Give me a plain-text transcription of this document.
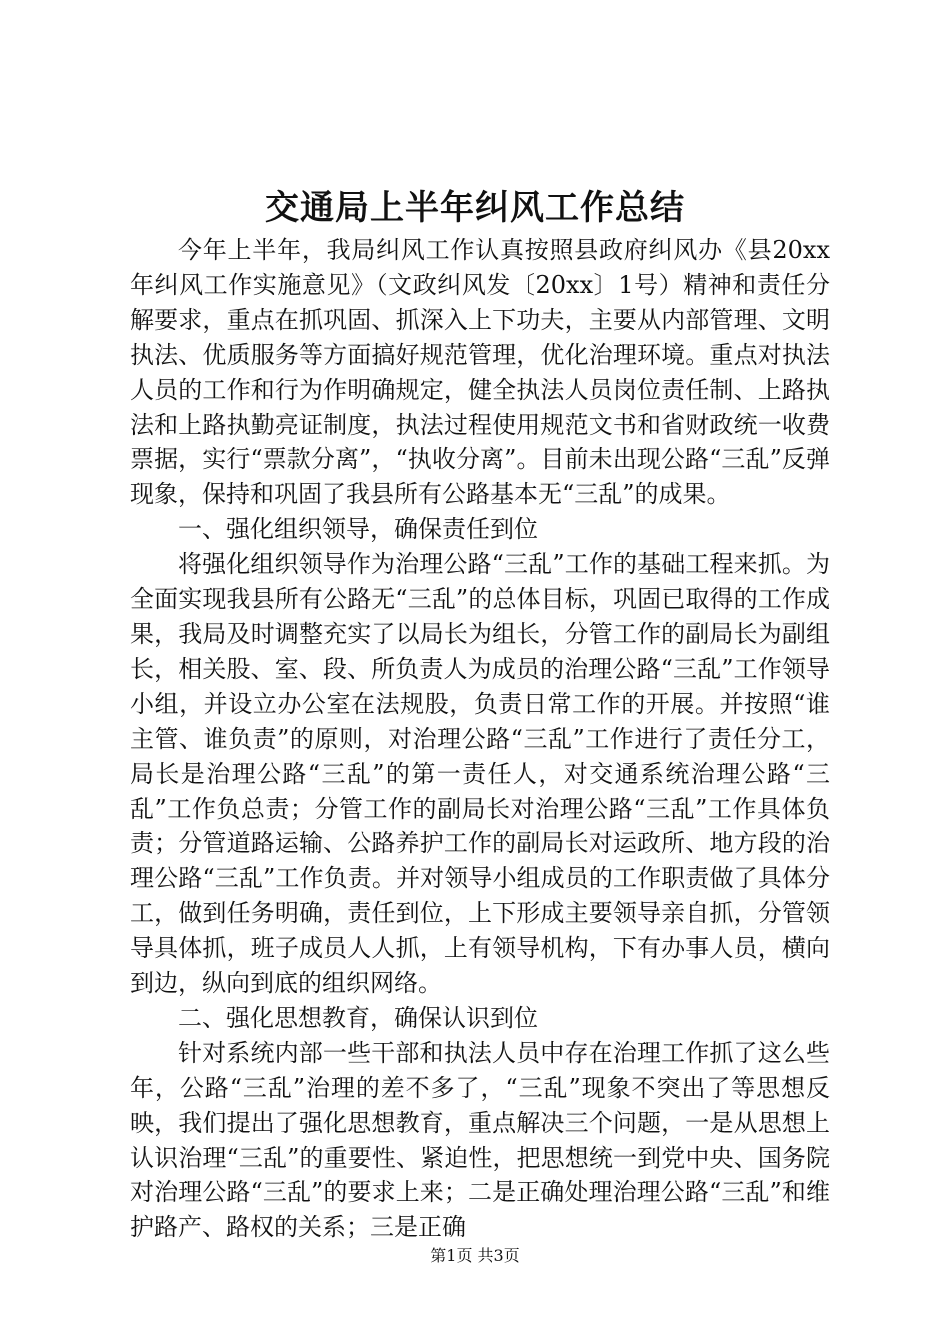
交通局上半年纠风工作总结

今年上半年，我局纠风工作认真按照县政府纠风办《县20xx年纠风工作实施意见》（文政纠风发〔20xx〕1号）精神和责任分解要求，重点在抓巩固、抓深入上下功夫，主要从内部管理、文明执法、优质服务等方面搞好规范管理，优化治理环境。重点对执法人员的工作和行为作明确规定，健全执法人员岗位责任制、上路执法和上路执勤亮证制度，执法过程使用规范文书和省财政统一收费票据，实行“票款分离”，“执收分离”。目前未出现公路“三乱”反弹现象，保持和巩固了我县所有公路基本无“三乱”的成果。

一、强化组织领导，确保责任到位

将强化组织领导作为治理公路“三乱”工作的基础工程来抓。为全面实现我县所有公路无“三乱”的总体目标，巩固已取得的工作成果，我局及时调整充实了以局长为组长，分管工作的副局长为副组长，相关股、室、段、所负责人为成员的治理公路“三乱”工作领导小组，并设立办公室在法规股，负责日常工作的开展。并按照“谁主管、谁负责”的原则，对治理公路“三乱”工作进行了责任分工，局长是治理公路“三乱”的第一责任人，对交通系统治理公路“三乱”工作负总责；分管工作的副局长对治理公路“三乱”工作具体负责；分管道路运输、公路养护工作的副局长对运政所、地方段的治理公路“三乱”工作负责。并对领导小组成员的工作职责做了具体分工，做到任务明确，责任到位，上下形成主要领导亲自抓，分管领导具体抓，班子成员人人抓，上有领导机构，下有办事人员，横向到边，纵向到底的组织网络。

二、强化思想教育，确保认识到位

针对系统内部一些干部和执法人员中存在治理工作抓了这么些年，公路“三乱”治理的差不多了，“三乱”现象不突出了等思想反映，我们提出了强化思想教育，重点解决三个问题，一是从思想上认识治理“三乱”的重要性、紧迫性，把思想统一到党中央、国务院对治理公路“三乱”的要求上来；二是正确处理治理公路“三乱”和维护路产、路权的关系；三是正确

第1页 共3页
